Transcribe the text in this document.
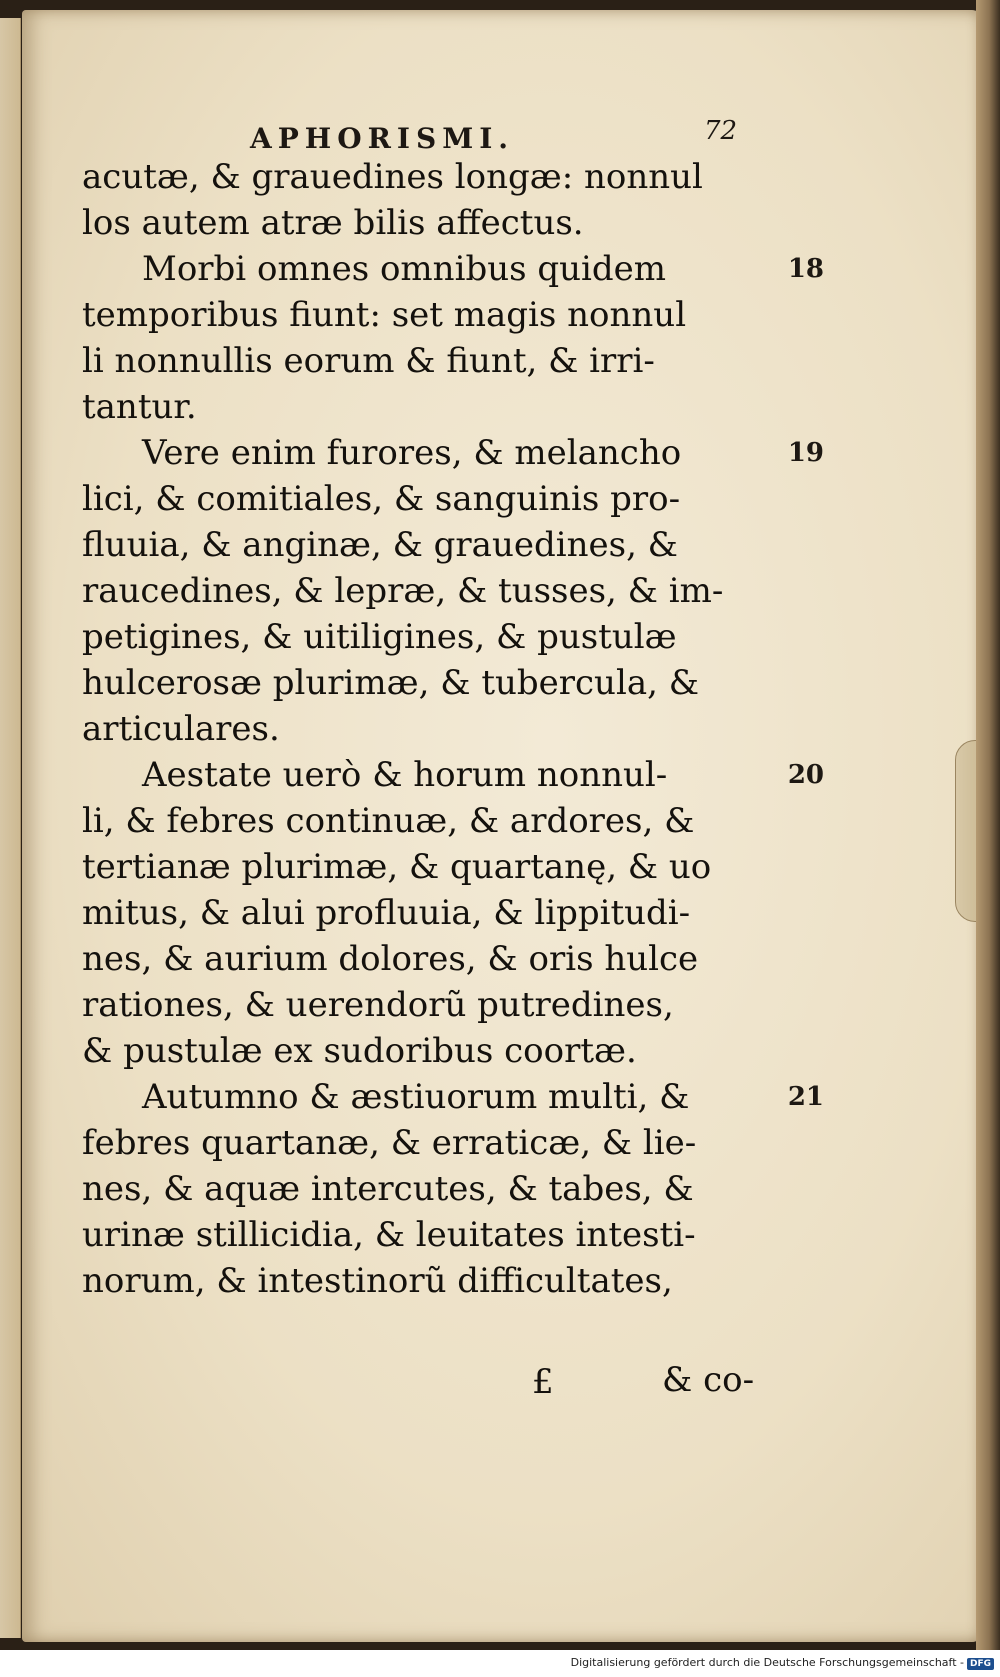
APHORISMI.	72
acutæ, & grauedines longæ: nonnul
los autem atræ bilis affectus.
Morbi omnes omnibus quidem	18
temporibus fiunt: set magis nonnul
li nonnullis eorum & fiunt, & irri-
tantur.
Vere enim furores, & melancho	19
lici, & comitiales, & sanguinis pro-
fluuia, & anginæ, & grauedines, &
raucedines, & lepræ, & tusses, & im-
petigines, & uitiligines, & pustulæ
hulcerosæ plurimæ, & tubercula, &
articulares.
Aestate uerò & horum nonnul-	20
li, & febres continuæ, & ardores, &
tertianæ plurimæ, & quartanę, & uo
mitus, & alui profluuia, & lippitudi-
nes, & aurium dolores, & oris hulce
rationes, & uerendorũ putredines,
& pustulæ ex sudoribus coortæ.
Autumno & æstiuorum multi, &	21
febres quartanæ, & erraticæ, & lie-
nes, & aquæ intercutes, & tabes, &
urinæ stillicidia, & leuitates intesti-
norum, & intestinorũ difficultates,
£	& co-
Digitalisierung gefördert durch die Deutsche Forschungsgemeinschaft - DFG
